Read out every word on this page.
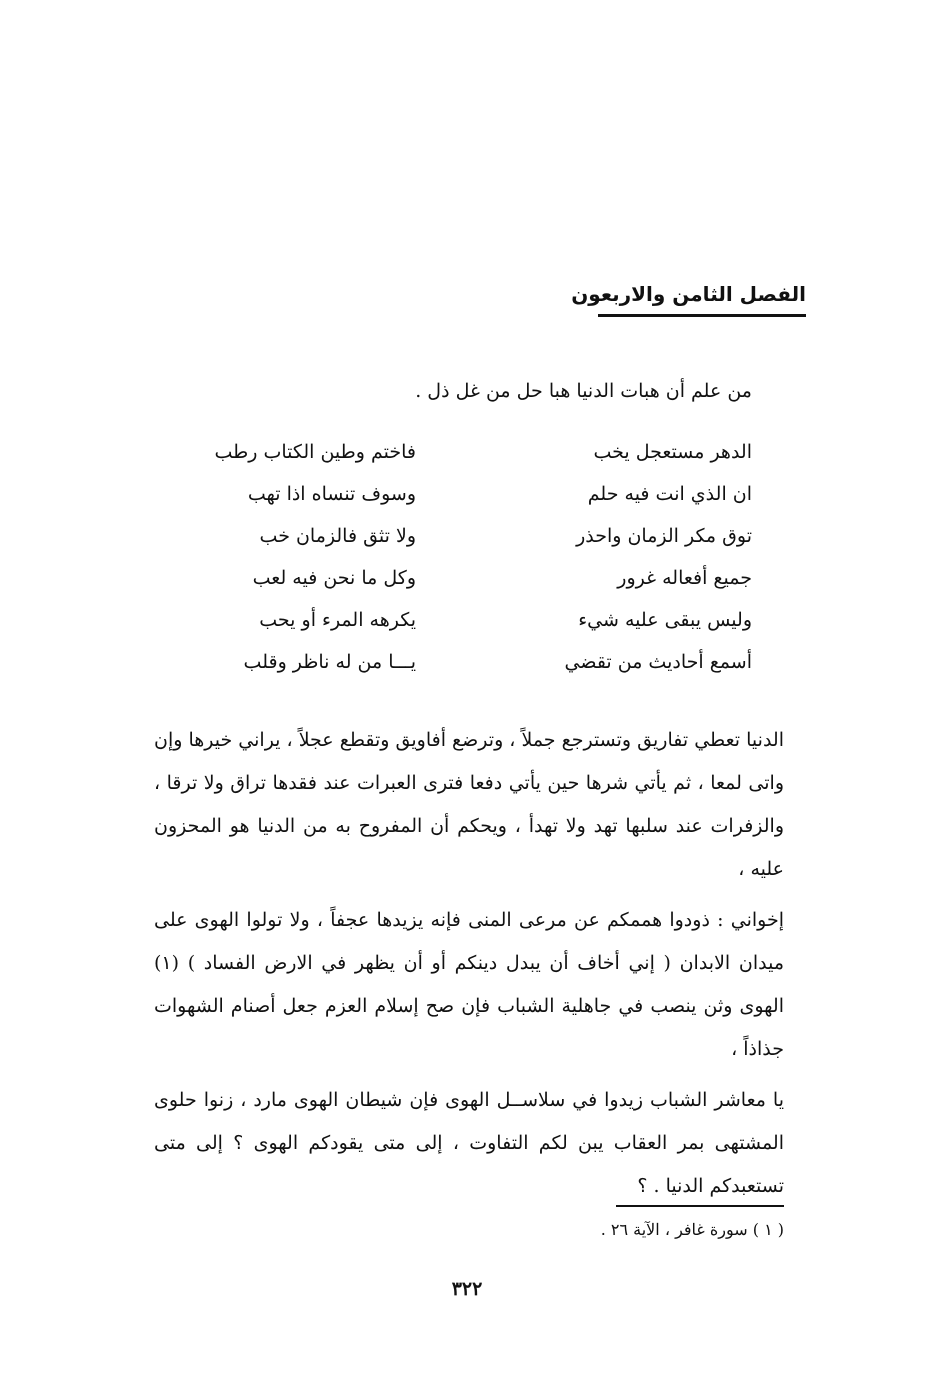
الفصل الثامن والاربعون
من علم أن هبات الدنيا هبا حل من غل ذل .
الدهر مستعجل يخب
فاختم وطين الكتاب رطب
ان الذي انت فيه حلم
وسوف تنساه اذا تهب
توق مكر الزمان واحذر
ولا تثق فالزمان خب
جميع أفعاله غرور
وكل ما نحن فيه لعب
وليس يبقى عليه شيء
يكرهه المرء أو يحب
أسمع أحاديث من تقضي
يـــا من له ناظر وقلب

الدنيا تعطي تفاريق وتسترجع جملاً ، وترضع أفاويق وتقطع عجلاً ، يراني خيرها وإن واتى لمعا ، ثم يأتي شرها حين يأتي دفعا فترى العبرات عند فقدها تراق ولا ترقا ، والزفرات عند سلبها تهد ولا تهدأ ، ويحكم أن المفروح به من الدنيا هو المحزون عليه ،

إخواني : ذودوا هممكم عن مرعى المنى فإنه يزيدها عجفاً ، ولا تولوا الهوى على ميدان الابدان ( إني أخاف أن يبدل دينكم أو أن يظهر في الارض الفساد ) (١) الهوى وثن ينصب في جاهلية الشباب فإن صح إسلام العزم جعل أصنام الشهوات جذاذاً ،

يا معاشر الشباب زيدوا في سلاســل الهوى فإن شيطان الهوى مارد ، زنوا حلوى المشتهى بمر العقاب يبن لكم التفاوت ، إلى متى يقودكم الهوى ؟ إلى متى تستعبدكم الدنيا . ؟

( ١ ) سورة غافر ، الآية ٢٦ .
٣٢٢
